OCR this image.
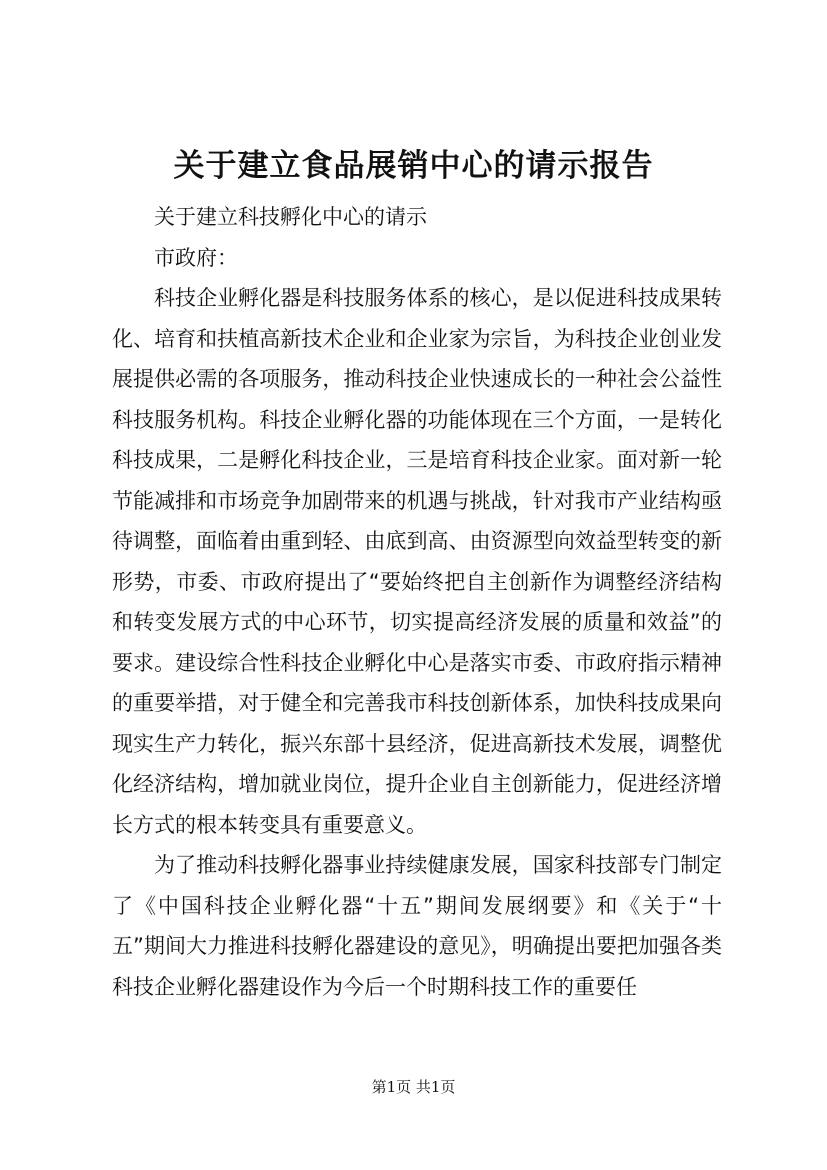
关于建立食品展销中心的请示报告

关于建立科技孵化中心的请示

市政府：

科技企业孵化器是科技服务体系的核心，是以促进科技成果转化、培育和扶植高新技术企业和企业家为宗旨，为科技企业创业发展提供必需的各项服务，推动科技企业快速成长的一种社会公益性科技服务机构。科技企业孵化器的功能体现在三个方面，一是转化科技成果，二是孵化科技企业，三是培育科技企业家。面对新一轮节能减排和市场竞争加剧带来的机遇与挑战，针对我市产业结构亟待调整，面临着由重到轻、由底到高、由资源型向效益型转变的新形势，市委、市政府提出了“要始终把自主创新作为调整经济结构和转变发展方式的中心环节，切实提高经济发展的质量和效益”的要求。建设综合性科技企业孵化中心是落实市委、市政府指示精神的重要举措，对于健全和完善我市科技创新体系，加快科技成果向现实生产力转化，振兴东部十县经济，促进高新技术发展，调整优化经济结构，增加就业岗位，提升企业自主创新能力，促进经济增长方式的根本转变具有重要意义。

为了推动科技孵化器事业持续健康发展，国家科技部专门制定了《中国科技企业孵化器“十五”期间发展纲要》和《关于“十五”期间大力推进科技孵化器建设的意见》，明确提出要把加强各类科技企业孵化器建设作为今后一个时期科技工作的重要任

第1页 共1页
